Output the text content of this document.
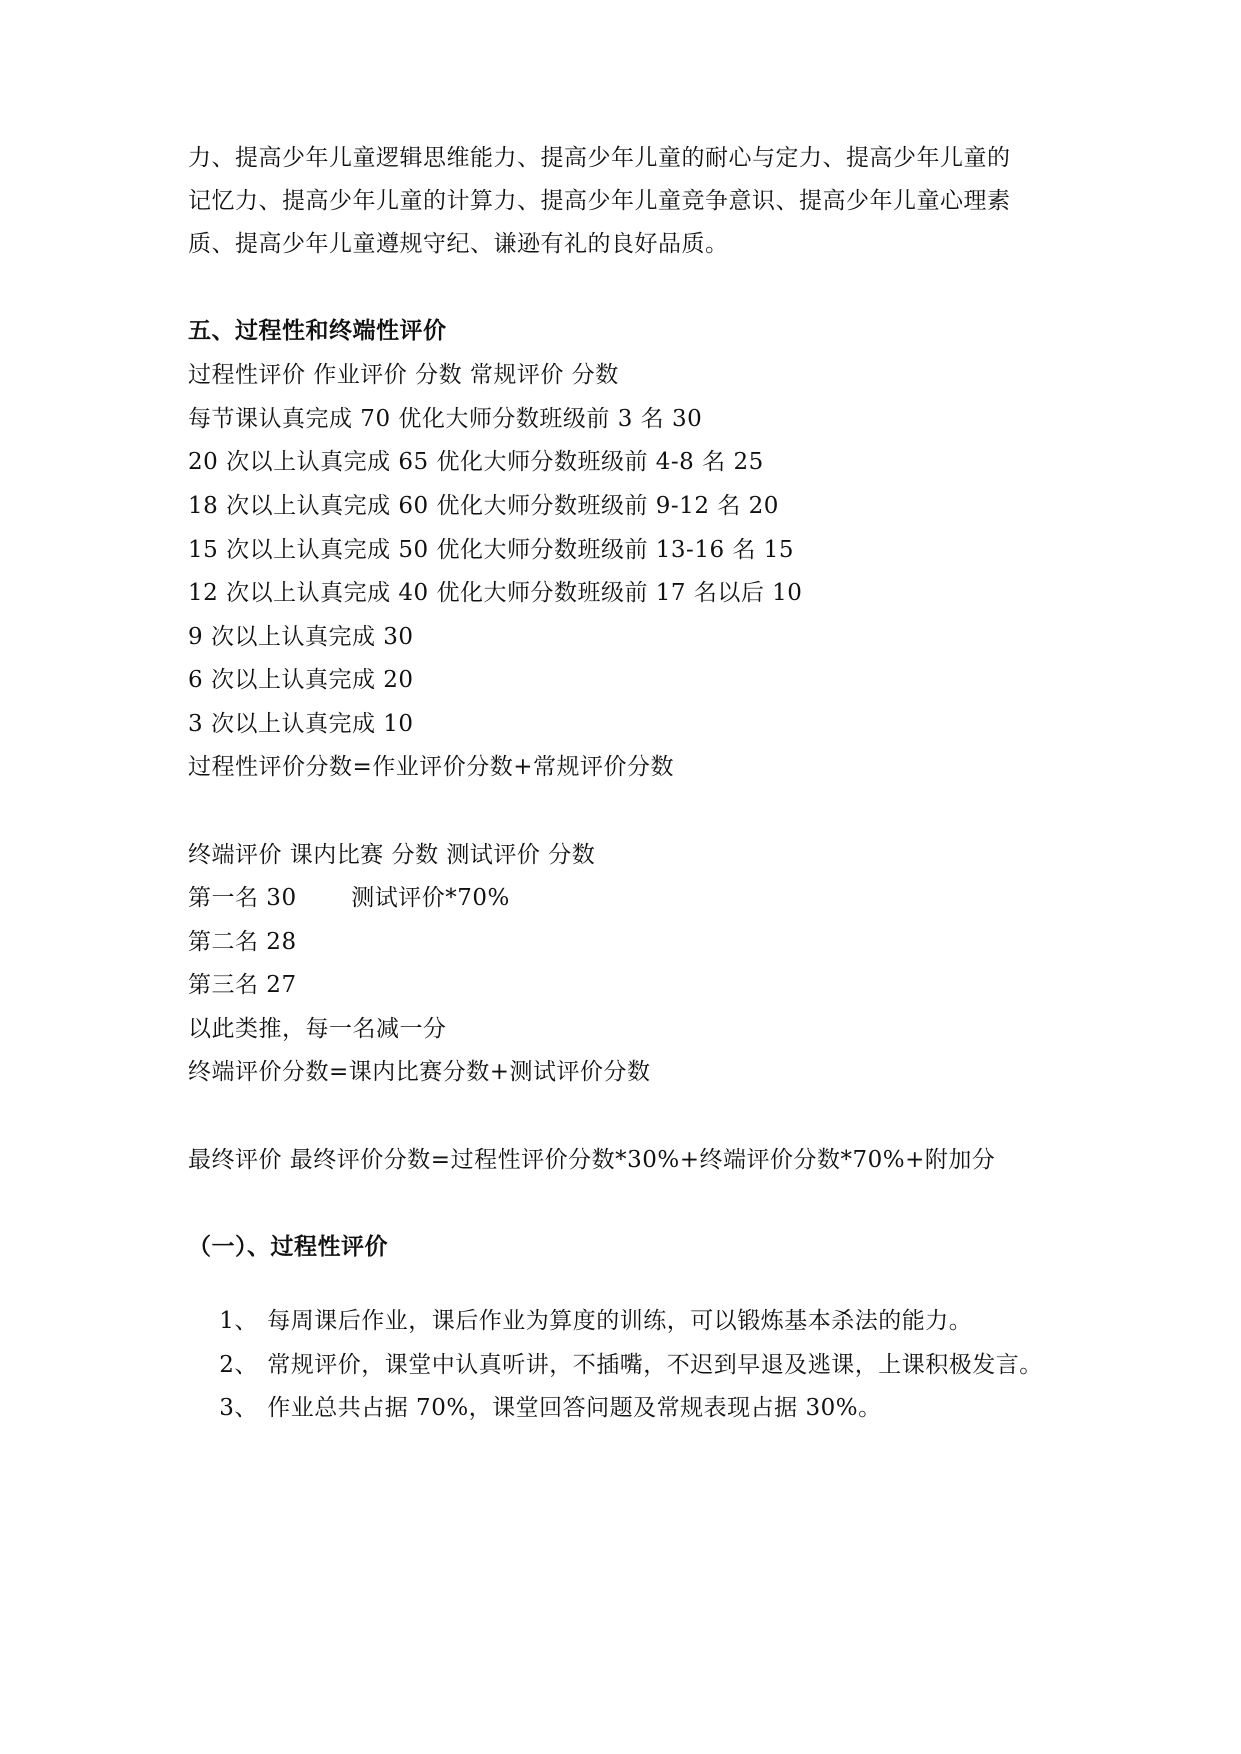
力、提高少年儿童逻辑思维能力、提高少年儿童的耐心与定力、提高少年儿童的
记忆力、提高少年儿童的计算力、提高少年儿童竞争意识、提高少年儿童心理素
质、提高少年儿童遵规守纪、谦逊有礼的良好品质。
五、过程性和终端性评价
过程性评价 作业评价 分数 常规评价 分数
每节课认真完成 70 优化大师分数班级前 3 名 30
20 次以上认真完成 65 优化大师分数班级前 4-8 名 25
18 次以上认真完成 60 优化大师分数班级前 9-12 名 20
15 次以上认真完成 50 优化大师分数班级前 13-16 名 15
12 次以上认真完成 40 优化大师分数班级前 17 名以后 10
9 次以上认真完成 30
6 次以上认真完成 20
3 次以上认真完成 10
过程性评价分数=作业评价分数+常规评价分数
终端评价 课内比赛 分数 测试评价 分数
第一名 30       测试评价*70%
第二名 28
第三名 27
以此类推，每一名减一分
终端评价分数=课内比赛分数+测试评价分数
最终评价 最终评价分数=过程性评价分数*30%+终端评价分数*70%+附加分
（一）、过程性评价

1、 每周课后作业，课后作业为算度的训练，可以锻炼基本杀法的能力。

2、 常规评价，课堂中认真听讲，不插嘴，不迟到早退及逃课，上课积极发言。

3、 作业总共占据 70%，课堂回答问题及常规表现占据 30%。
